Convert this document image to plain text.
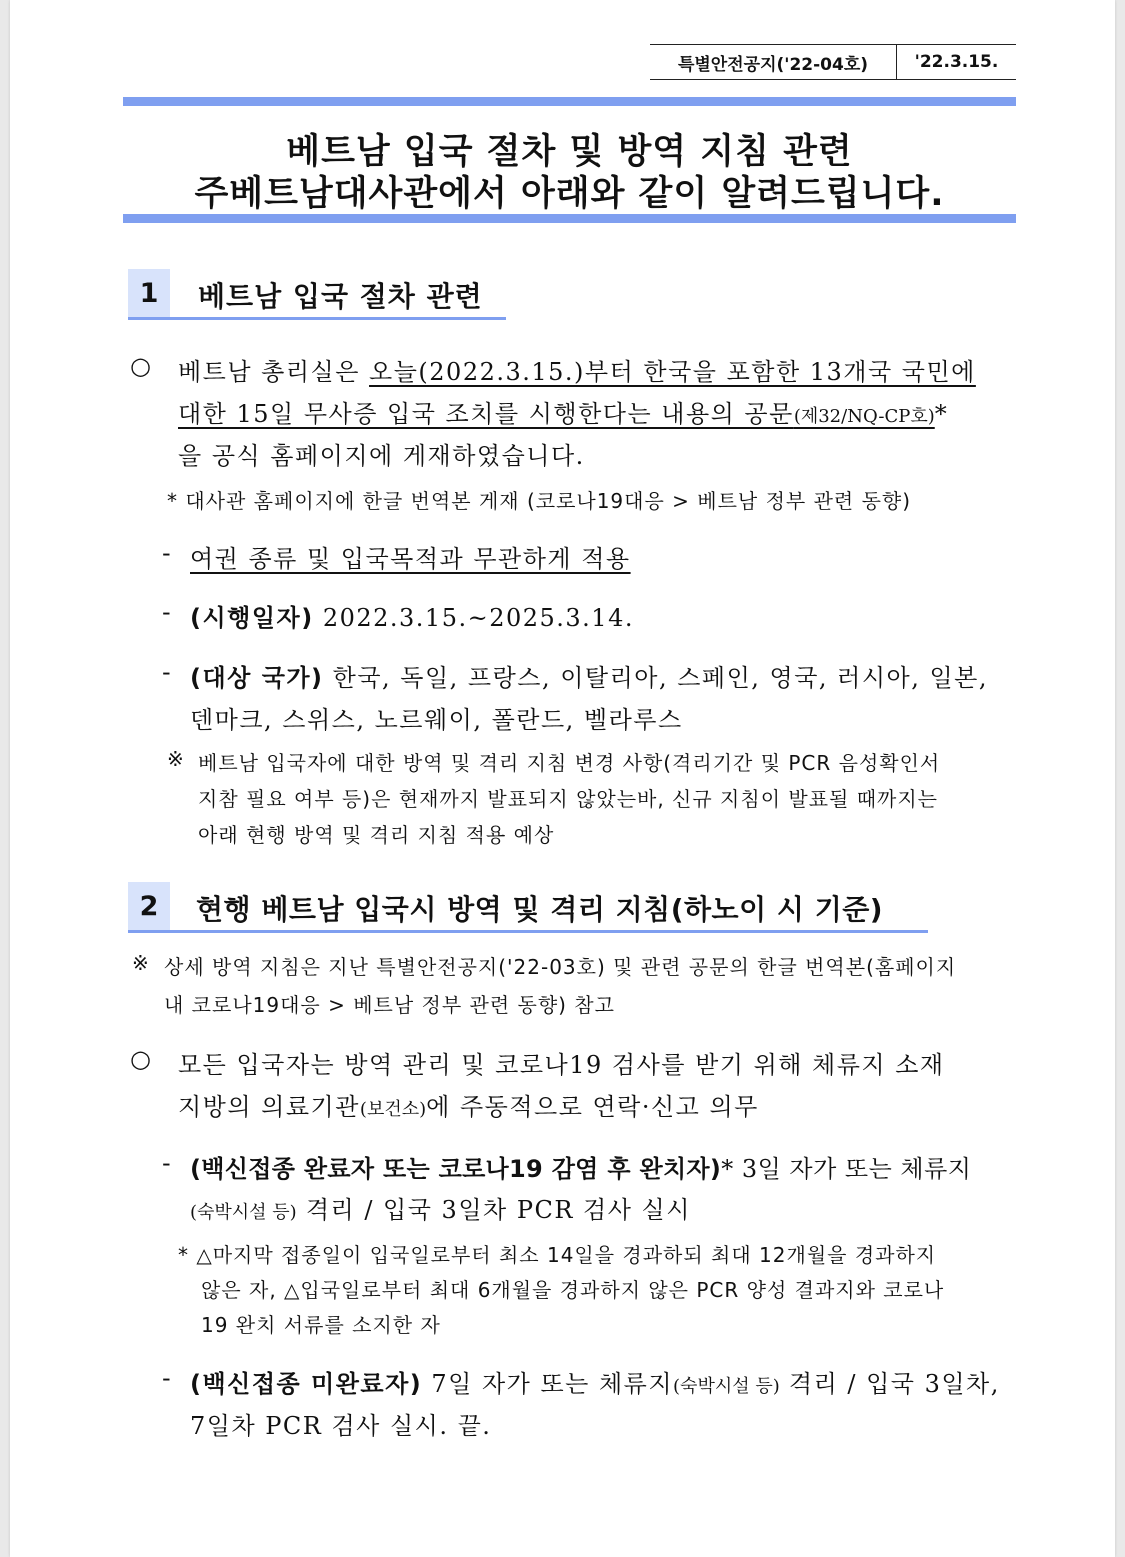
특별안전공지('22-04호)	'22.3.15.
베트남 입국 절차 및 방역 지침 관련
주베트남대사관에서 아래와 같이 알려드립니다.
1	베트남 입국 절차 관련
○ 베트남 총리실은 오늘(2022.3.15.)부터 한국을 포함한 13개국 국민에
대한 15일 무사증 입국 조치를 시행한다는 내용의 공문(제32/NQ-CP호)*
을 공식 홈페이지에 게재하였습니다.
* 대사관 홈페이지에 한글 번역본 게재 (코로나19대응 > 베트남 정부 관련 동향)
- 여권 종류 및 입국목적과 무관하게 적용
- (시행일자) 2022.3.15.~2025.3.14.
- (대상 국가) 한국, 독일, 프랑스, 이탈리아, 스페인, 영국, 러시아, 일본,
덴마크, 스위스, 노르웨이, 폴란드, 벨라루스
※ 베트남 입국자에 대한 방역 및 격리 지침 변경 사항(격리기간 및 PCR 음성확인서
지참 필요 여부 등)은 현재까지 발표되지 않았는바, 신규 지침이 발표될 때까지는
아래 현행 방역 및 격리 지침 적용 예상
2	현행 베트남 입국시 방역 및 격리 지침(하노이 시 기준)
※ 상세 방역 지침은 지난 특별안전공지('22-03호) 및 관련 공문의 한글 번역본(홈페이지
내 코로나19대응 > 베트남 정부 관련 동향) 참고
○ 모든 입국자는 방역 관리 및 코로나19 검사를 받기 위해 체류지 소재
지방의 의료기관(보건소)에 주동적으로 연락·신고 의무
- (백신접종 완료자 또는 코로나19 감염 후 완치자)* 3일 자가 또는 체류지
(숙박시설 등) 격리 / 입국 3일차 PCR 검사 실시
* △마지막 접종일이 입국일로부터 최소 14일을 경과하되 최대 12개월을 경과하지
않은 자, △입국일로부터 최대 6개월을 경과하지 않은 PCR 양성 결과지와 코로나
19 완치 서류를 소지한 자
- (백신접종 미완료자) 7일 자가 또는 체류지(숙박시설 등) 격리 / 입국 3일차,
7일차 PCR 검사 실시. 끝.
